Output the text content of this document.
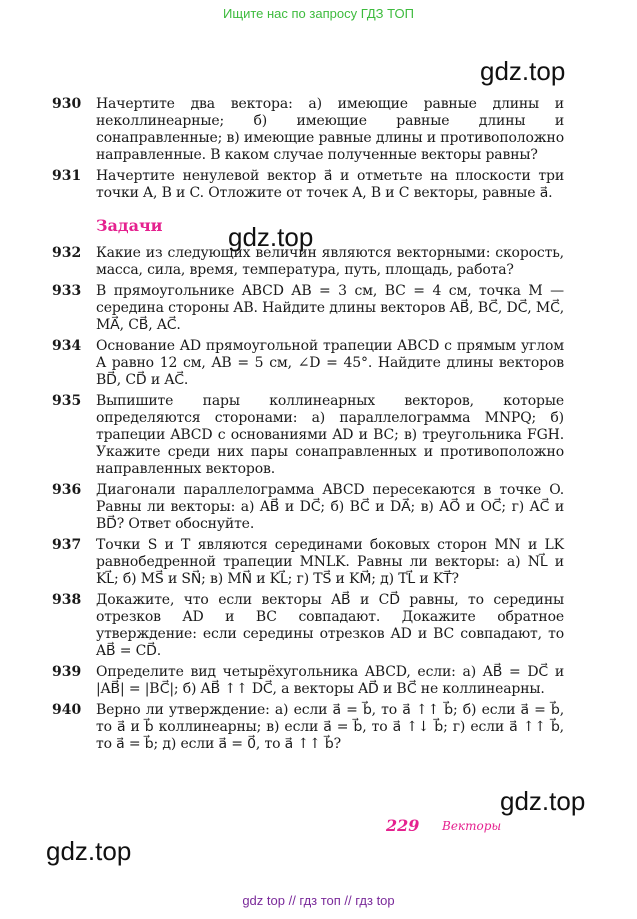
Ищите нас по запросу ГДЗ ТОП
gdz.top
gdz.top
gdz.top
gdz.top
930	Начертите два вектора: а) имеющие равные длины и неколлинеарные; б) имеющие равные длины и сонаправленные; в) имеющие равные длины и противоположно направленные. В каком случае полученные векторы равны?
931	Начертите ненулевой вектор a⃗ и отметьте на плоскости три точки A, B и C. Отложите от точек A, B и C векторы, равные a⃗.
Задачи
932	Какие из следующих величин являются векторными: скорость, масса, сила, время, температура, путь, площадь, работа?
933	В прямоугольнике ABCD AB = 3 см, BC = 4 см, точка M — середина стороны AB. Найдите длины векторов AB⃗, BC⃗, DC⃗, MC⃗, MA⃗, CB⃗, AC⃗.
934	Основание AD прямоугольной трапеции ABCD с прямым углом A равно 12 см, AB = 5 см, ∠D = 45°. Найдите длины векторов BD⃗, CD⃗ и AC⃗.
935	Выпишите пары коллинеарных векторов, которые определяются сторонами: а) параллелограмма MNPQ; б) трапеции ABCD с основаниями AD и BC; в) треугольника FGH. Укажите среди них пары сонаправленных и противоположно направленных векторов.
936	Диагонали параллелограмма ABCD пересекаются в точке O. Равны ли векторы: а) AB⃗ и DC⃗; б) BC⃗ и DA⃗; в) AO⃗ и OC⃗; г) AC⃗ и BD⃗? Ответ обоснуйте.
937	Точки S и T являются серединами боковых сторон MN и LK равнобедренной трапеции MNLK. Равны ли векторы: а) NL⃗ и KL⃗; б) MS⃗ и SN⃗; в) MN⃗ и KL⃗; г) TS⃗ и KM⃗; д) TL⃗ и KT⃗?
938	Докажите, что если векторы AB⃗ и CD⃗ равны, то середины отрезков AD и BC совпадают. Докажите обратное утверждение: если середины отрезков AD и BC совпадают, то AB⃗ = CD⃗.
939	Определите вид четырёхугольника ABCD, если: а) AB⃗ = DC⃗ и |AB⃗| = |BC⃗|; б) AB⃗ ↑↑ DC⃗, а векторы AD⃗ и BC⃗ не коллинеарны.
940	Верно ли утверждение: а) если a⃗ = b⃗, то a⃗ ↑↑ b⃗; б) если a⃗ = b⃗, то a⃗ и b⃗ коллинеарны; в) если a⃗ = b⃗, то a⃗ ↑↓ b⃗; г) если a⃗ ↑↑ b⃗, то a⃗ = b⃗; д) если a⃗ = 0⃗, то a⃗ ↑↑ b⃗?
229 Векторы
gdz top // гдз топ // гдз top
